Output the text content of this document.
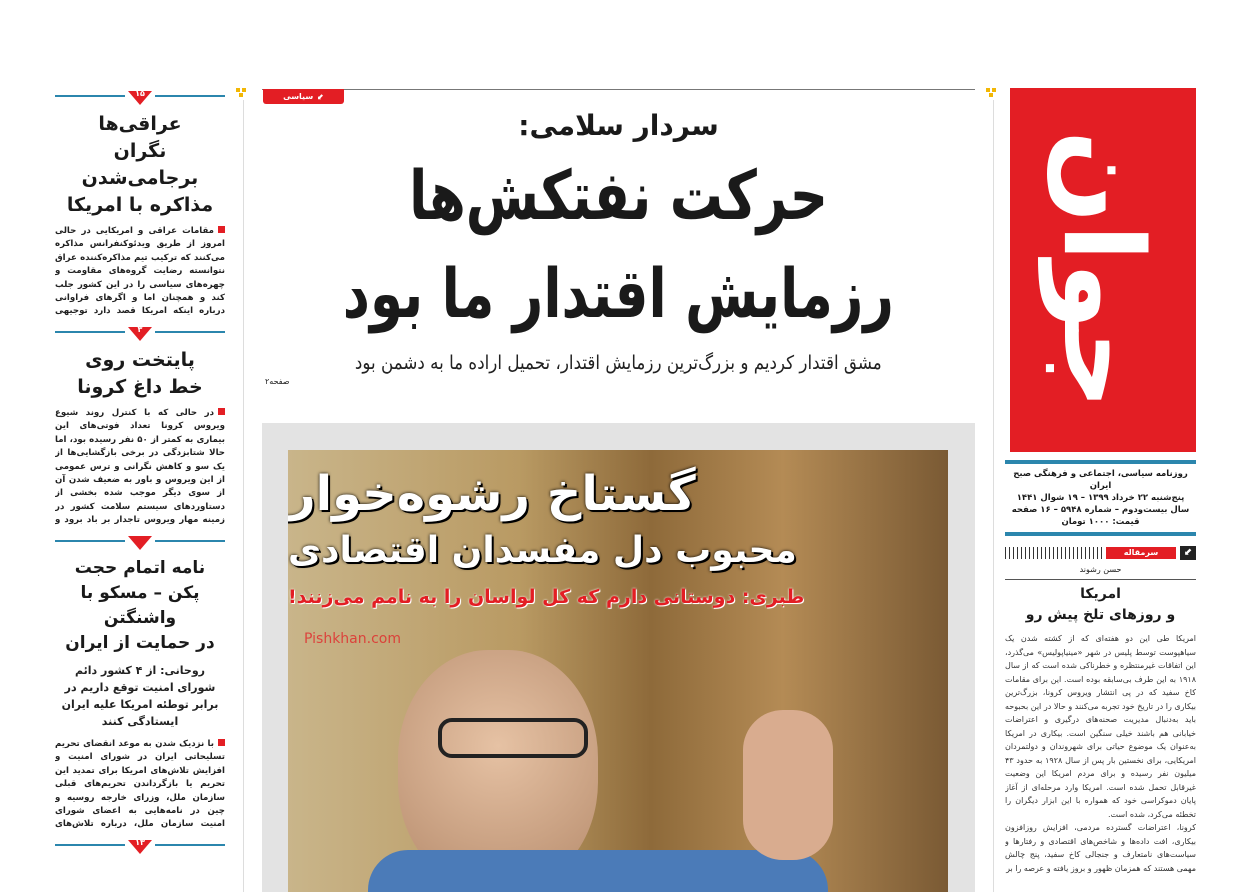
۱۵
عراقی‌ها
نگران برجامی‌شدن
مذاکره با امریکا
مقامات عراقی و امریکایی در حالی امروز از طریق ویدئوکنفرانس مذاکره می‌کنند که ترکیب تیم مذاکره‌کننده عراق نتوانسته رضایت گروه‌های مقاومت و چهره‌های سیاسی را در این کشور جلب کند و همچنان اما و اگرهای فراوانی درباره اینکه امریکا قصد دارد توجیهی
۳
پایتخت روی
خط داغ کرونا
در حالی که با کنترل روند شیوع ویروس کرونا تعداد فوتی‌های این بیماری به کمتر از ۵۰ نفر رسیده بود، اما حالا شتابزدگی در برخی بازگشایی‌ها از یک سو و کاهش نگرانی و ترس عمومی از این ویروس و باور به ضعیف شدن آن از سوی دیگر موجب شده بخشی از دستاوردهای سیستم سلامت کشور در زمینه مهار ویروس تاجدار بر باد برود و
نامه اتمام حجت
پکن – مسکو با واشنگتن
در حمایت از ایران
روحانی: از ۴ کشور دائم شورای امنیت توقع داریم در برابر توطئه امریکا علیه ایران ایستادگی کنند
با نزدیک شدن به موعد انقضای تحریم تسلیحاتی ایران در شورای امنیت و افزایش تلاش‌های امریکا برای تمدید این تحریم یا بازگرداندن تحریم‌های قبلی سازمان ملل، وزرای خارجه روسیه و چین در نامه‌هایی به اعضای شورای امنیت سازمان ملل، درباره تلاش‌های
۱۳
⬋
سیاسی
سردار سلامی:
حرکت نفتکش‌ها
رزمایش اقتدار ما بود
مشق اقتدار کردیم و بزرگ‌ترین رزمایش اقتدار، تحمیل اراده ما به دشمن بود
صفحه۲
گستاخ رشوه‌خوار
محبوب دل مفسدان اقتصادی
طبری: دوستانی دارم که کل لواسان را به نامم می‌زنند!
Pishkhan.com
جوان
روزنامه سیاسی، اجتماعی و فرهنگی صبح ایران
پنج‌شنبه ۲۲ خرداد ۱۳۹۹ – ۱۹ شوال ۱۴۴۱
سال بیست‌ودوم – شماره ۵۹۴۸ – ۱۶ صفحه
قیمت: ۱۰۰۰ تومان
⬋
سرمقاله
حسن رشوند
امریکا
و روزهای تلخ پیش رو

امریکا طی این دو هفته‌ای که از کشته شدن یک سیاهپوست توسط پلیس در شهر «مینیاپولیس» می‌گذرد، این اتفاقات غیرمنتظره و خطرناکی شده است که از سال ۱۹۱۸ به این طرف بی‌سابقه بوده است. این برای مقامات کاخ سفید که در پی انتشار ویروس کرونا، بزرگ‌ترین بیکاری را در تاریخ خود تجربه می‌کنند و حالا در این بحبوحه باید به‌دنبال مدیریت صحنه‌های درگیری و اعتراضات خیابانی هم باشند خیلی سنگین است. بیکاری در امریکا به‌عنوان یک موضوع حیاتی برای شهروندان و دولتمردان امریکایی، برای نخستین بار پس از سال ۱۹۲۸ به حدود ۴۳ میلیون نفر رسیده و برای مردم امریکا این وضعیت غیرقابل تحمل شده است. امریکا وارد مرحله‌ای از آغاز پایان دموکراسی خود که همواره با این ابزار دیگران را تخطئه می‌کرد، شده است.

کرونا، اعتراضات گسترده مردمی، افزایش روزافزون بیکاری، افت داده‌ها و شاخص‌های اقتصادی و رفتارها و سیاست‌های نامتعارف و جنجالی کاخ سفید، پنج چالش مهمی هستند که همزمان ظهور و بروز یافته و عرصه را بر
